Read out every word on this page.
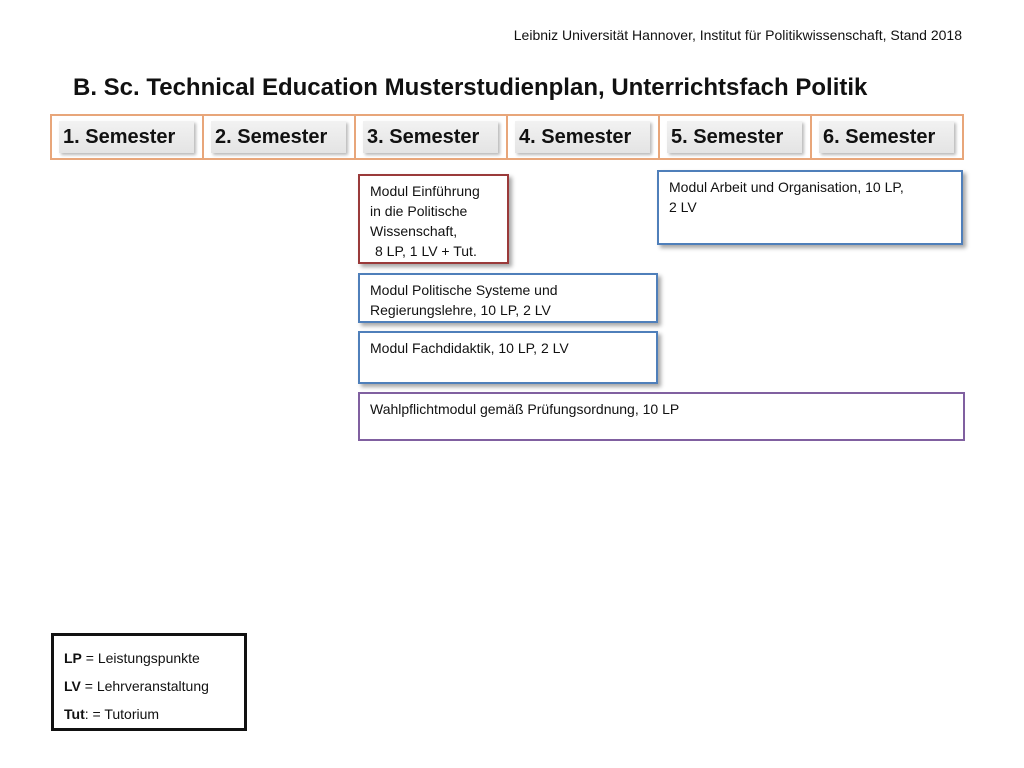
Leibniz Universität Hannover, Institut für Politikwissenschaft, Stand 2018
B. Sc. Technical Education Musterstudienplan, Unterrichtsfach Politik
1. Semester	2. Semester	3. Semester	4. Semester	5. Semester	6. Semester
Modul Einführung
in die Politische
Wissenschaft,
8 LP, 1 LV + Tut.
Modul Arbeit und Organisation, 10 LP,
2 LV
Modul Politische Systeme und
Regierungslehre, 10 LP, 2 LV
Modul Fachdidaktik, 10 LP, 2 LV
Wahlpflichtmodul gemäß Prüfungsordnung, 10 LP
LP = Leistungspunkte
LV = Lehrveranstaltung
Tut: = Tutorium
